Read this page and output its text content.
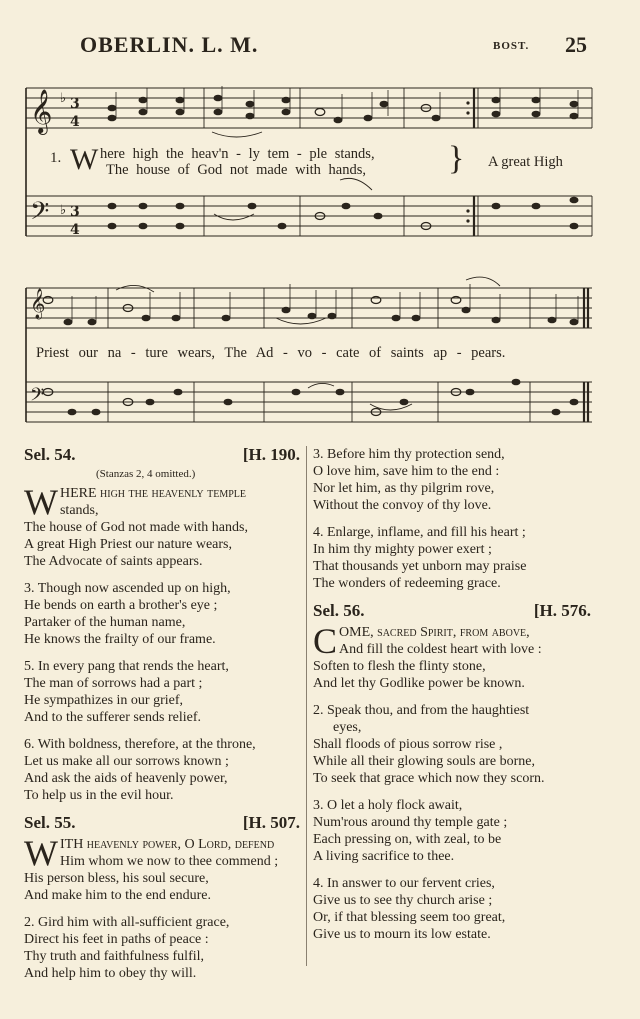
OBERLIN. L. M.	BOST. 25
𝄞
𝄢
♭
♭
3
4
3
4
𝄞
𝄢
1. W here high the heav'n - ly tem - ple stands,
The house of God not made with hands, } A great High
Priest our na - ture wears, The Ad - vo - cate of saints ap - pears.
Sel. 54.	[H. 190.
(Stanzas 2, 4 omitted.)
W HERE high the heavenly temple
stands,
The house of God not made with hands,
A great High Priest our nature wears,
The Advocate of saints appears.
3. Though now ascended up on high,
He bends on earth a brother's eye ;
Partaker of the human name,
He knows the frailty of our frame.
5. In every pang that rends the heart,
The man of sorrows had a part ;
He sympathizes in our grief,
And to the sufferer sends relief.
6. With boldness, therefore, at the throne,
Let us make all our sorrows known ;
And ask the aids of heavenly power,
To help us in the evil hour.
Sel. 55.	[H. 507.
W ITH heavenly power, O Lord, defend
Him whom we now to thee commend ;
His person bless, his soul secure,
And make him to the end endure.
2. Gird him with all-sufficient grace,
Direct his feet in paths of peace :
Thy truth and faithfulness fulfil,
And help him to obey thy will.
3. Before him thy protection send,
O love him, save him to the end :
Nor let him, as thy pilgrim rove,
Without the convoy of thy love.
4. Enlarge, inflame, and fill his heart ;
In him thy mighty power exert ;
That thousands yet unborn may praise
The wonders of redeeming grace.
Sel. 56.	[H. 576.
C OME, sacred Spirit, from above,
And fill the coldest heart with love :
Soften to flesh the flinty stone,
And let thy Godlike power be known.
2. Speak thou, and from the haughtiest
eyes,
Shall floods of pious sorrow rise ,
While all their glowing souls are borne,
To seek that grace which now they scorn.
3. O let a holy flock await,
Num'rous around thy temple gate ;
Each pressing on, with zeal, to be
A living sacrifice to thee.
4. In answer to our fervent cries,
Give us to see thy church arise ;
Or, if that blessing seem too great,
Give us to mourn its low estate.
